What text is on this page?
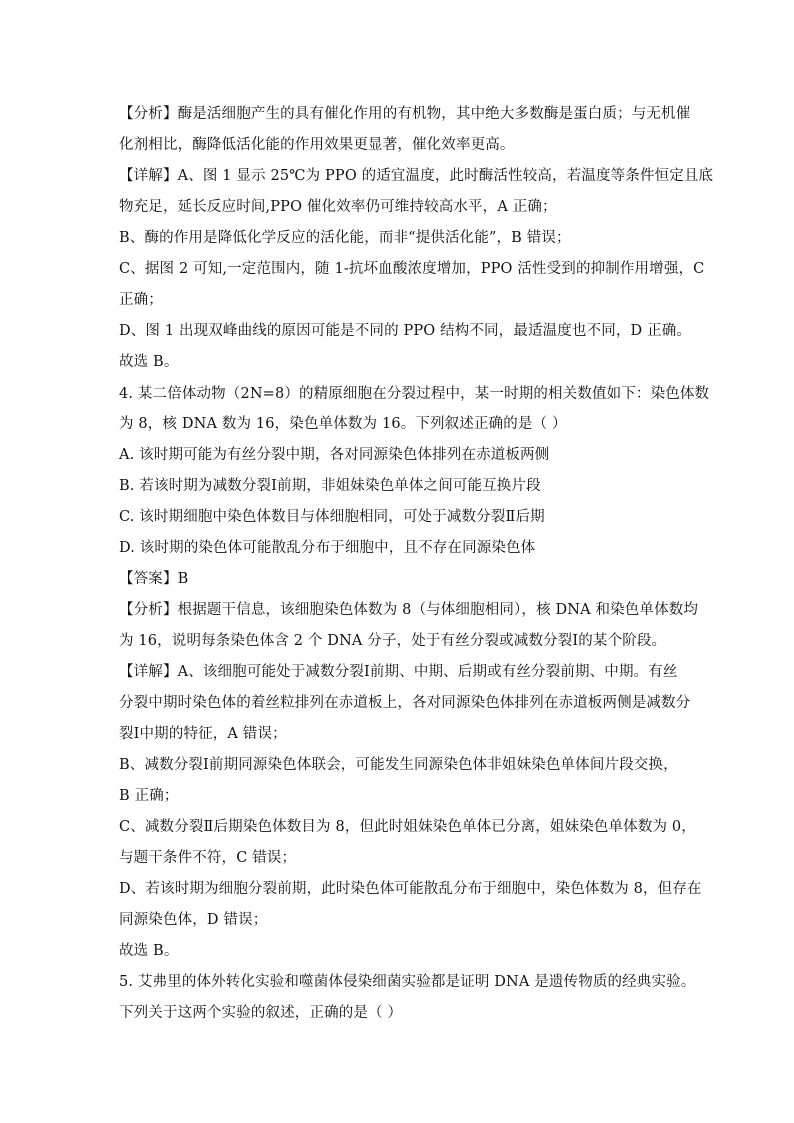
【分析】酶是活细胞产生的具有催化作用的有机物，其中绝大多数酶是蛋白质；与无机催
化剂相比，酶降低活化能的作用效果更显著，催化效率更高。
【详解】A、图 1 显示 25℃为 PPO 的适宜温度，此时酶活性较高，若温度等条件恒定且底
物充足，延长反应时间,PPO 催化效率仍可维持较高水平，A 正确；
B、酶的作用是降低化学反应的活化能，而非“提供活化能”，B 错误；
C、据图 2 可知,一定范围内，随 1-抗坏血酸浓度增加，PPO 活性受到的抑制作用增强，C
正确；
D、图 1 出现双峰曲线的原因可能是不同的 PPO 结构不同，最适温度也不同，D 正确。
故选 B。
4. 某二倍体动物（2N=8）的精原细胞在分裂过程中，某一时期的相关数值如下：染色体数
为 8，核 DNA 数为 16，染色单体数为 16。下列叙述正确的是（ ）
A. 该时期可能为有丝分裂中期，各对同源染色体排列在赤道板两侧
B. 若该时期为减数分裂Ⅰ前期，非姐妹染色单体之间可能互换片段
C. 该时期细胞中染色体数目与体细胞相同，可处于减数分裂Ⅱ后期
D. 该时期的染色体可能散乱分布于细胞中，且不存在同源染色体
【答案】B
【分析】根据题干信息，该细胞染色体数为 8（与体细胞相同），核 DNA 和染色单体数均
为 16，说明每条染色体含 2 个 DNA 分子，处于有丝分裂或减数分裂Ⅰ的某个阶段。
【详解】A、该细胞可能处于减数分裂Ⅰ前期、中期、后期或有丝分裂前期、中期。有丝
分裂中期时染色体的着丝粒排列在赤道板上，各对同源染色体排列在赤道板两侧是减数分
裂Ⅰ中期的特征，A 错误；
B、减数分裂Ⅰ前期同源染色体联会，可能发生同源染色体非姐妹染色单体间片段交换，
B 正确；
C、减数分裂Ⅱ后期染色体数目为 8，但此时姐妹染色单体已分离，姐妹染色单体数为 0，
与题干条件不符，C 错误；
D、若该时期为细胞分裂前期，此时染色体可能散乱分布于细胞中，染色体数为 8，但存在
同源染色体，D 错误；
故选 B。
5. 艾弗里的体外转化实验和噬菌体侵染细菌实验都是证明 DNA 是遗传物质的经典实验。
下列关于这两个实验的叙述，正确的是（ ）
